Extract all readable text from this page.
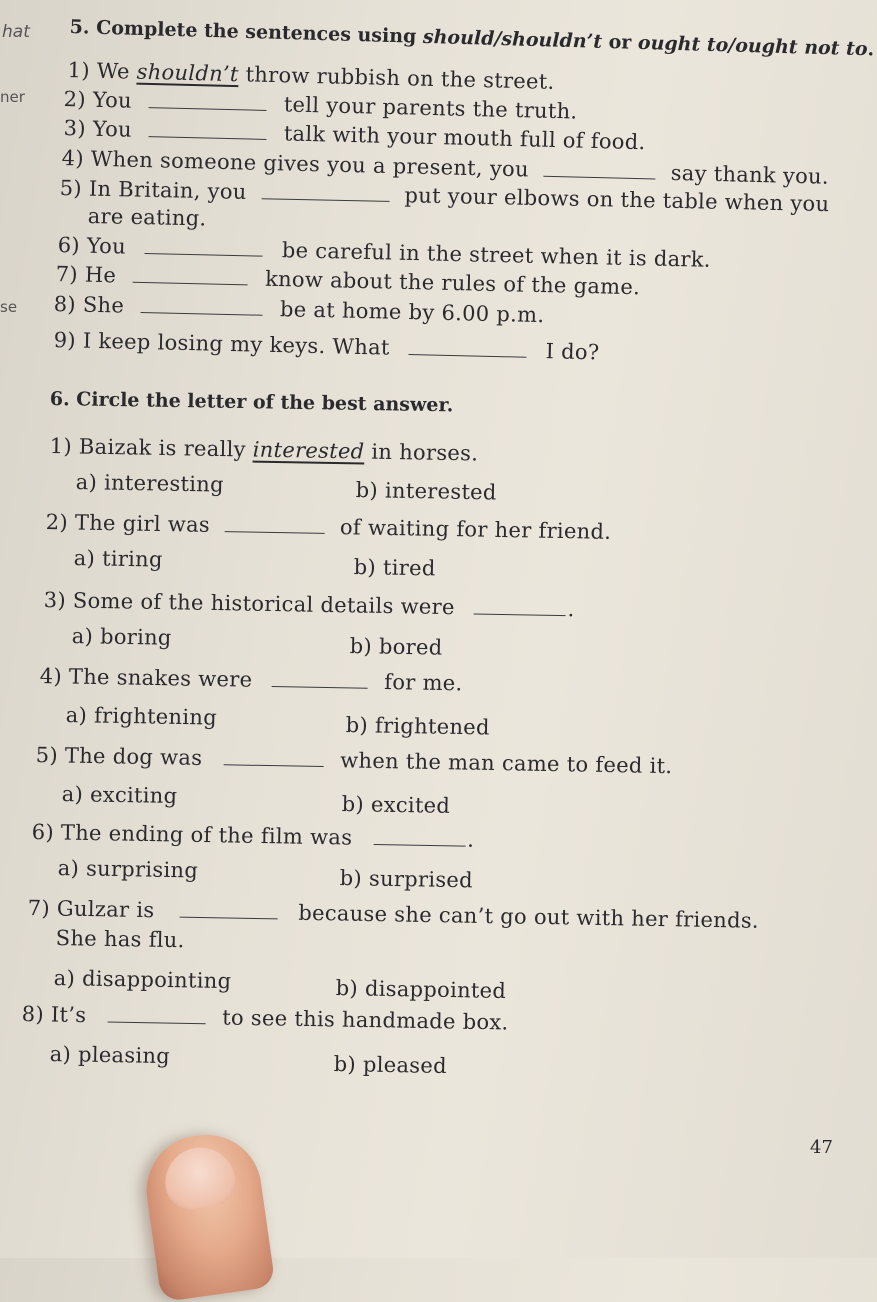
hat
ner
se
5. Complete the sentences using should/shouldn’t or ought to/ought not to.
1) We shouldn’t throw rubbish on the street.
2) You	tell your parents the truth.
3) You	talk with your mouth full of food.
4) When someone gives you a present, you	say thank you.
5) In Britain, you	put your elbows on the table when you
are eating.
6) You	be careful in the street when it is dark.
7) He	know about the rules of the game.
8) She	be at home by 6.00 p.m.
9) I keep losing my keys. What	I do?
6. Circle the letter of the best answer.
1) Baizak is really interested in horses.
a) interesting	b) interested
2) The girl was	of waiting for her friend.
a) tiring	b) tired
3) Some of the historical details were	.
a) boring	b) bored
4) The snakes were	for me.
a) frightening	b) frightened
5) The dog was	when the man came to feed it.
a) exciting	b) excited
6) The ending of the film was	.
a) surprising	b) surprised
7) Gulzar is	because she can’t go out with her friends.
She has flu.
a) disappointing	b) disappointed
8) It’s	to see this handmade box.
a) pleasing	b) pleased
47
